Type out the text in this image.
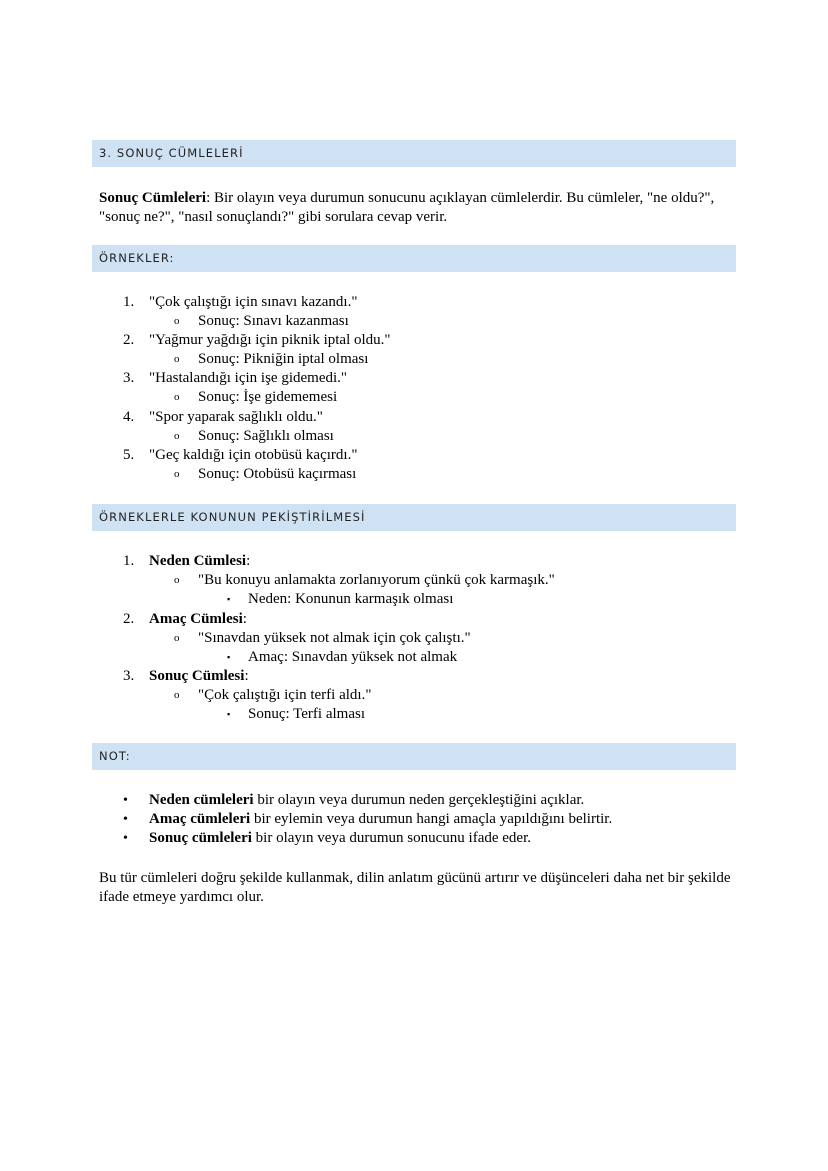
3. SONUÇ CÜMLELERİ
Sonuç Cümleleri: Bir olayın veya durumun sonucunu açıklayan cümlelerdir. Bu cümleler, "ne oldu?", "sonuç ne?", "nasıl sonuçlandı?" gibi sorulara cevap verir.
ÖRNEKLER:
1. "Çok çalıştığı için sınavı kazandı."
o Sonuç: Sınavı kazanması
2. "Yağmur yağdığı için piknik iptal oldu."
o Sonuç: Pikniğin iptal olması
3. "Hastalandığı için işe gidemedi."
o Sonuç: İşe gidememesi
4. "Spor yaparak sağlıklı oldu."
o Sonuç: Sağlıklı olması
5. "Geç kaldığı için otobüsü kaçırdı."
o Sonuç: Otobüsü kaçırması
ÖRNEKLERLE KONUNUN PEKİŞTİRİLMESİ
1. Neden Cümlesi:
o "Bu konuyu anlamakta zorlanıyorum çünkü çok karmaşık."
▪ Neden: Konunun karmaşık olması
2. Amaç Cümlesi:
o "Sınavdan yüksek not almak için çok çalıştı."
▪ Amaç: Sınavdan yüksek not almak
3. Sonuç Cümlesi:
o "Çok çalıştığı için terfi aldı."
▪ Sonuç: Terfi alması
NOT:
• Neden cümleleri bir olayın veya durumun neden gerçekleştiğini açıklar.
• Amaç cümleleri bir eylemin veya durumun hangi amaçla yapıldığını belirtir.
• Sonuç cümleleri bir olayın veya durumun sonucunu ifade eder.
Bu tür cümleleri doğru şekilde kullanmak, dilin anlatım gücünü artırır ve düşünceleri daha net bir şekilde ifade etmeye yardımcı olur.
